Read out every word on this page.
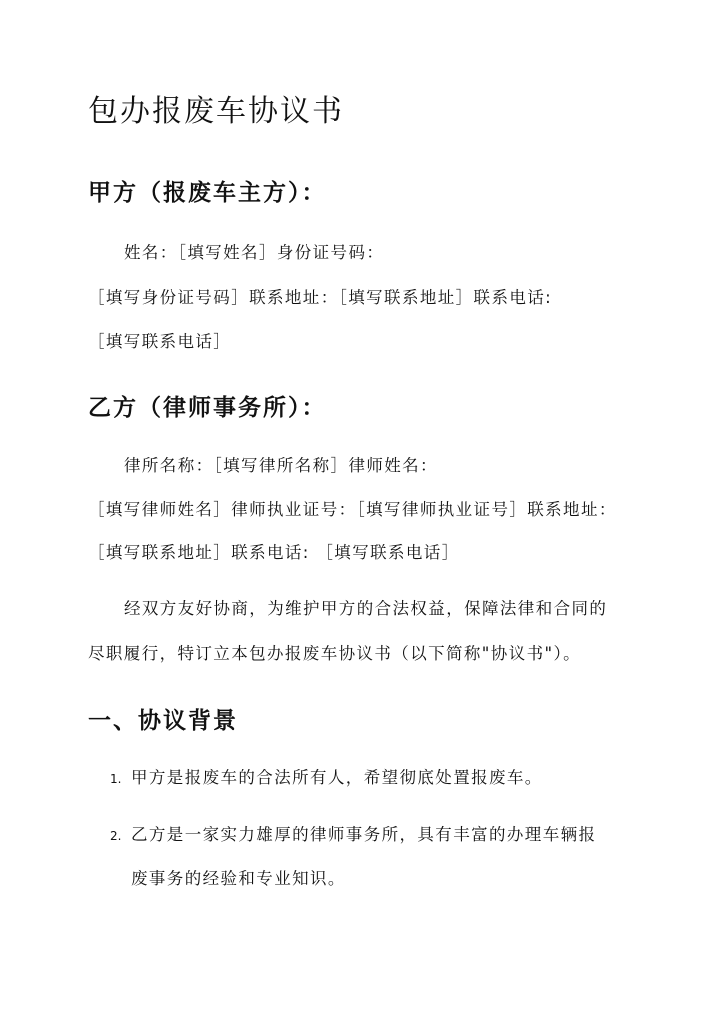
包办报废车协议书
甲方（报废车主方）：

姓名：［填写姓名］身份证号码：

［填写身份证号码］联系地址：［填写联系地址］联系电话:

［填写联系电话］

乙方（律师事务所）：

律所名称：［填写律所名称］律师姓名：

［填写律师姓名］律师执业证号：［填写律师执业证号］联系地址：

［填写联系地址］联系电话: ［填写联系电话］

经双方友好协商，为维护甲方的合法权益，保障法律和合同的

尽职履行，特订立本包办报废车协议书（以下简称"协议书"）。

一、协议背景
1. 甲方是报废车的合法所有人，希望彻底处置报废车。

2. 乙方是一家实力雄厚的律师事务所，具有丰富的办理车辆报

废事务的经验和专业知识。
